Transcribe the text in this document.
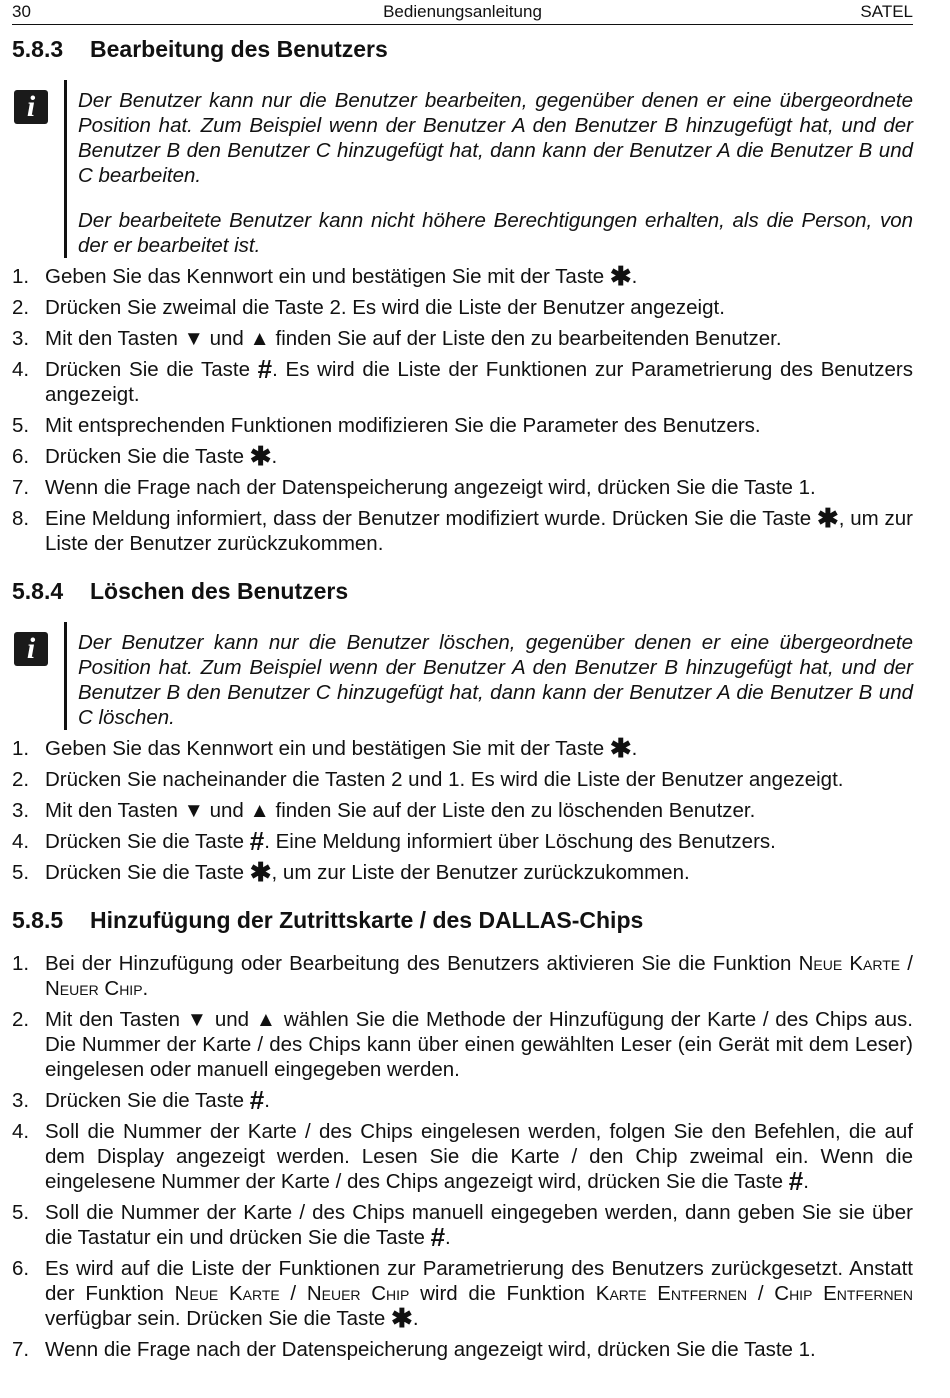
30	Bedienungsanleitung	SATEL
5.8.3	Bearbeitung des Benutzers
i	Der Benutzer kann nur die Benutzer bearbeiten, gegenüber denen er eine übergeordnete Position hat. Zum Beispiel wenn der Benutzer A den Benutzer B hinzugefügt hat, und der Benutzer B den Benutzer C hinzugefügt hat, dann kann der Benutzer A die Benutzer B und C bearbeiten.

Der bearbeitete Benutzer kann nicht höhere Berechtigungen erhalten, als die Person, von der er bearbeitet ist.

1. Geben Sie das Kennwort ein und bestätigen Sie mit der Taste ✱.
2. Drücken Sie zweimal die Taste 2. Es wird die Liste der Benutzer angezeigt.
3. Mit den Tasten ▼ und ▲ finden Sie auf der Liste den zu bearbeitenden Benutzer.
4. Drücken Sie die Taste #. Es wird die Liste der Funktionen zur Parametrierung des Benutzers angezeigt.
5. Mit entsprechenden Funktionen modifizieren Sie die Parameter des Benutzers.
6. Drücken Sie die Taste ✱.
7. Wenn die Frage nach der Datenspeicherung angezeigt wird, drücken Sie die Taste 1.
8. Eine Meldung informiert, dass der Benutzer modifiziert wurde. Drücken Sie die Taste ✱, um zur Liste der Benutzer zurückzukommen.
5.8.4	Löschen des Benutzers
i	Der Benutzer kann nur die Benutzer löschen, gegenüber denen er eine übergeordnete Position hat. Zum Beispiel wenn der Benutzer A den Benutzer B hinzugefügt hat, und der Benutzer B den Benutzer C hinzugefügt hat, dann kann der Benutzer A die Benutzer B und C löschen.

1. Geben Sie das Kennwort ein und bestätigen Sie mit der Taste ✱.
2. Drücken Sie nacheinander die Tasten 2 und 1. Es wird die Liste der Benutzer angezeigt.
3. Mit den Tasten ▼ und ▲ finden Sie auf der Liste den zu löschenden Benutzer.
4. Drücken Sie die Taste #. Eine Meldung informiert über Löschung des Benutzers.
5. Drücken Sie die Taste ✱, um zur Liste der Benutzer zurückzukommen.
5.8.5	Hinzufügung der Zutrittskarte / des DALLAS-Chips
1. Bei der Hinzufügung oder Bearbeitung des Benutzers aktivieren Sie die Funktion Neue Karte / Neuer Chip.
2. Mit den Tasten ▼ und ▲ wählen Sie die Methode der Hinzufügung der Karte / des Chips aus. Die Nummer der Karte / des Chips kann über einen gewählten Leser (ein Gerät mit dem Leser) eingelesen oder manuell eingegeben werden.
3. Drücken Sie die Taste #.
4. Soll die Nummer der Karte / des Chips eingelesen werden, folgen Sie den Befehlen, die auf dem Display angezeigt werden. Lesen Sie die Karte / den Chip zweimal ein. Wenn die eingelesene Nummer der Karte / des Chips angezeigt wird, drücken Sie die Taste #.
5. Soll die Nummer der Karte / des Chips manuell eingegeben werden, dann geben Sie sie über die Tastatur ein und drücken Sie die Taste #.
6. Es wird auf die Liste der Funktionen zur Parametrierung des Benutzers zurückgesetzt. Anstatt der Funktion Neue Karte / Neuer Chip wird die Funktion Karte Entfernen / Chip Entfernen verfügbar sein. Drücken Sie die Taste ✱.
7. Wenn die Frage nach der Datenspeicherung angezeigt wird, drücken Sie die Taste 1.
